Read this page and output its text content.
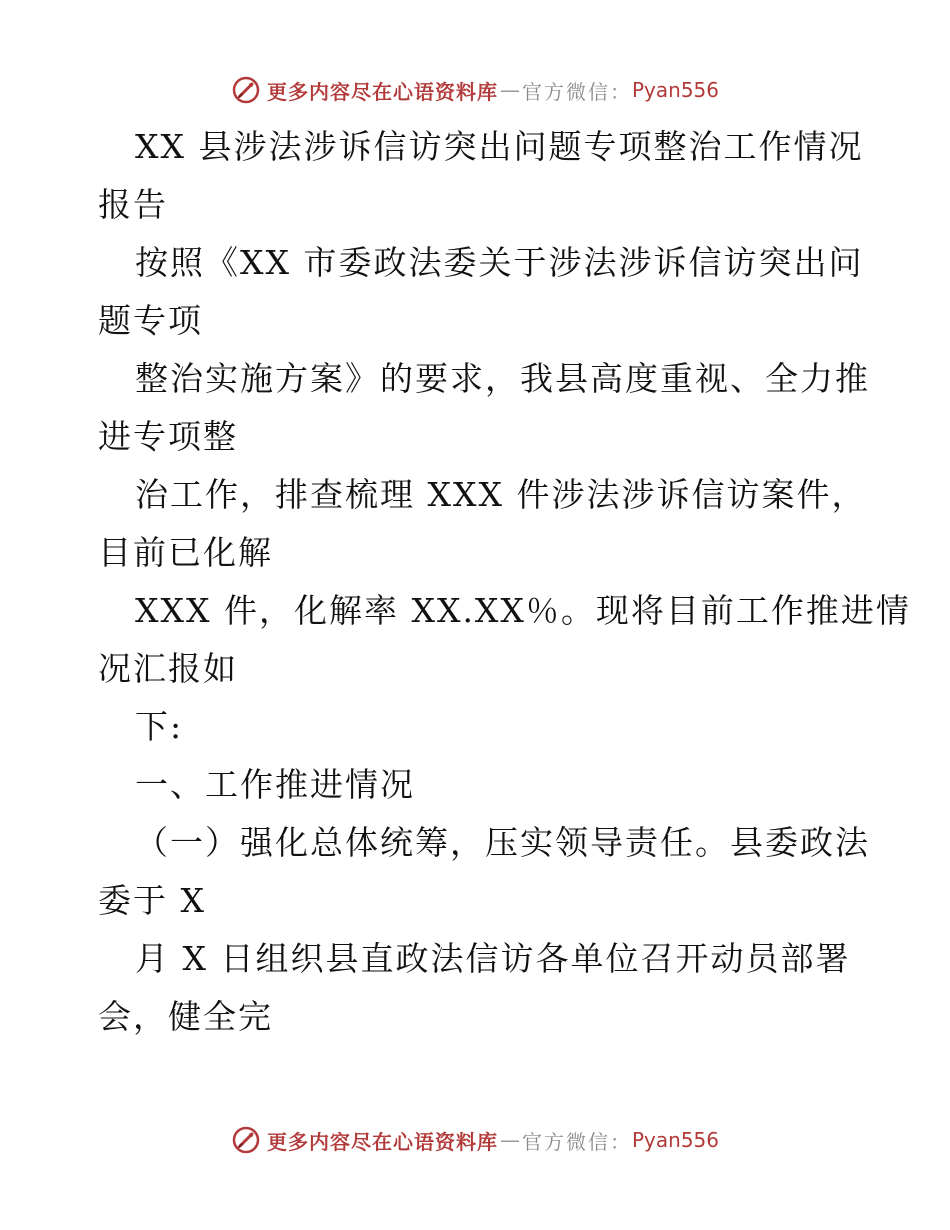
更多内容尽在心语资料库 — 官方微信： Pyan556
XX 县涉法涉诉信访突出问题专项整治工作情况
报告
按照《XX 市委政法委关于涉法涉诉信访突出问
题专项
整治实施方案》的要求，我县高度重视、全力推
进专项整
治工作，排查梳理 XXX 件涉法涉诉信访案件，
目前已化解
XXX 件，化解率 XX.XX％。现将目前工作推进情
况汇报如
下:
一、工作推进情况
（一）强化总体统筹，压实领导责任。县委政法
委于 X
月 X 日组织县直政法信访各单位召开动员部署
会，健全完
更多内容尽在心语资料库 — 官方微信： Pyan556
